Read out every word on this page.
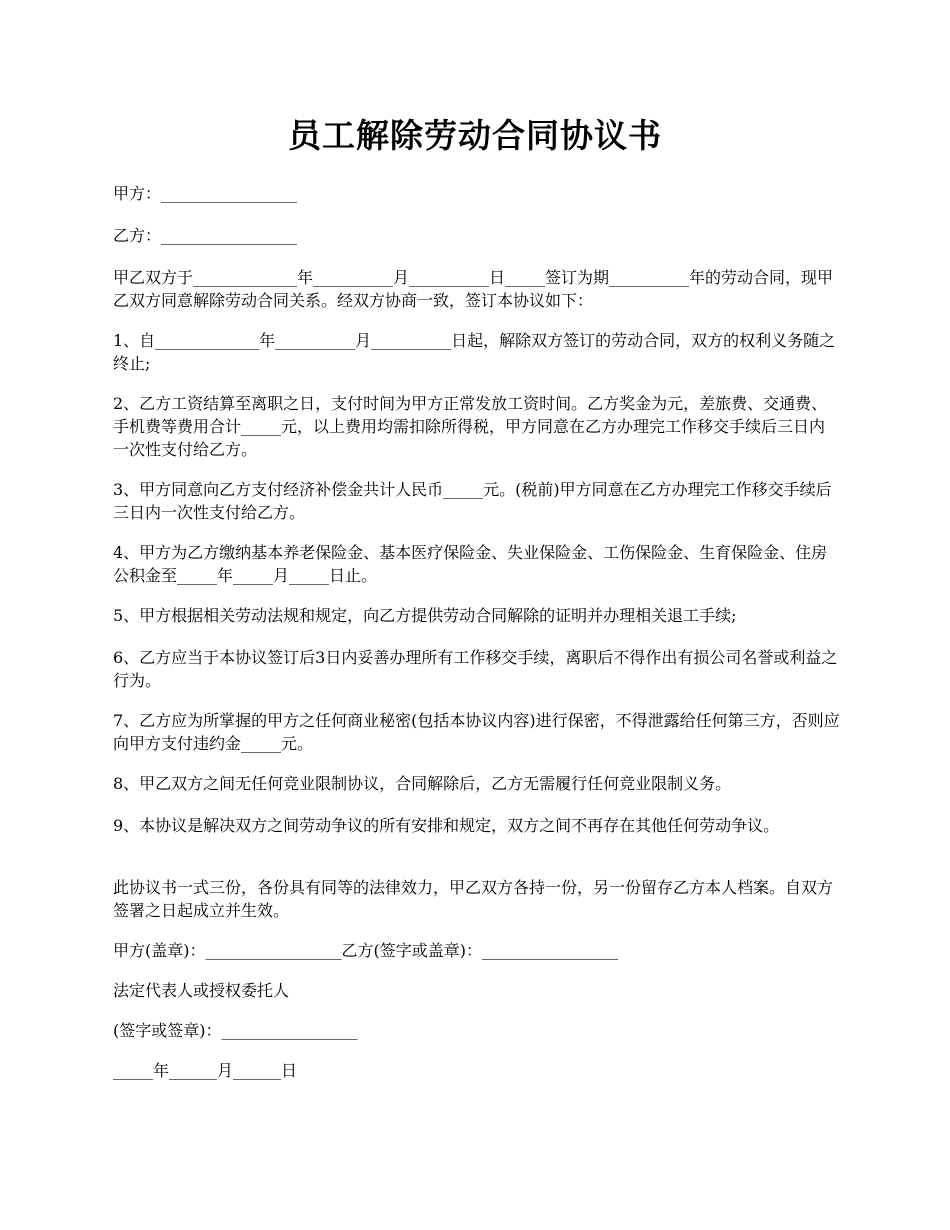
员工解除劳动合同协议书

甲方：_________________

乙方：_________________

甲乙双方于_____________年__________月__________日_____签订为期__________年的劳动合同，现甲乙双方同意解除劳动合同关系。经双方协商一致，签订本协议如下：

1、自_____________年__________月__________日起，解除双方签订的劳动合同，双方的权利义务随之终止;

2、乙方工资结算至离职之日，支付时间为甲方正常发放工资时间。乙方奖金为元，差旅费、交通费、手机费等费用合计_____元，以上费用均需扣除所得税，甲方同意在乙方办理完工作移交手续后三日内一次性支付给乙方。

3、甲方同意向乙方支付经济补偿金共计人民币_____元。(税前)甲方同意在乙方办理完工作移交手续后三日内一次性支付给乙方。

4、甲方为乙方缴纳基本养老保险金、基本医疗保险金、失业保险金、工伤保险金、生育保险金、住房公积金至_____年_____月_____日止。

5、甲方根据相关劳动法规和规定，向乙方提供劳动合同解除的证明并办理相关退工手续;

6、乙方应当于本协议签订后3日内妥善办理所有工作移交手续，离职后不得作出有损公司名誉或利益之行为。

7、乙方应为所掌握的甲方之任何商业秘密(包括本协议内容)进行保密，不得泄露给任何第三方，否则应向甲方支付违约金_____元。

8、甲乙双方之间无任何竞业限制协议，合同解除后，乙方无需履行任何竞业限制义务。

9、本协议是解决双方之间劳动争议的所有安排和规定，双方之间不再存在其他任何劳动争议。

此协议书一式三份，各份具有同等的法律效力，甲乙双方各持一份，另一份留存乙方本人档案。自双方签署之日起成立并生效。

甲方(盖章)：_________________乙方(签字或盖章)：_________________

法定代表人或授权委托人

(签字或签章)：_________________

_____年______月______日
